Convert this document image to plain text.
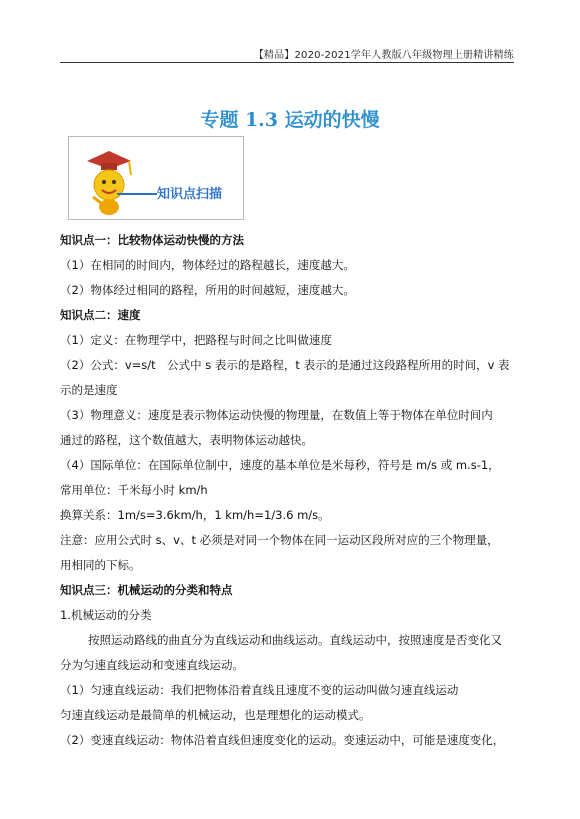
【精品】2020-2021学年人教版八年级物理上册精讲精练
专题 1.3 运动的快慢
知识点扫描

知识点一：比较物体运动快慢的方法

（1）在相同的时间内，物体经过的路程越长，速度越大。

（2）物体经过相同的路程，所用的时间越短，速度越大。

知识点二：速度

（1）定义：在物理学中，把路程与时间之比叫做速度

（2）公式：v=s/t　公式中 s 表示的是路程，t 表示的是通过这段路程所用的时间，v 表

示的是速度

（3）物理意义：速度是表示物体运动快慢的物理量，在数值上等于物体在单位时间内

通过的路程，这个数值越大，表明物体运动越快。

（4）国际单位：在国际单位制中，速度的基本单位是米每秒，符号是 m/s 或 m.s-1，

常用单位：千米每小时 km/h

换算关系：1m/s=3.6km/h，1 km/h=1/3.6 m/s。

注意：应用公式时 s、v、t 必须是对同一个物体在同一运动区段所对应的三个物理量，

用相同的下标。

知识点三：机械运动的分类和特点

1.机械运动的分类

按照运动路线的曲直分为直线运动和曲线运动。直线运动中，按照速度是否变化又

分为匀速直线运动和变速直线运动。

（1）匀速直线运动：我们把物体沿着直线且速度不变的运动叫做匀速直线运动

匀速直线运动是最简单的机械运动，也是理想化的运动模式。

（2）变速直线运动：物体沿着直线但速度变化的运动。变速运动中，可能是速度变化，
